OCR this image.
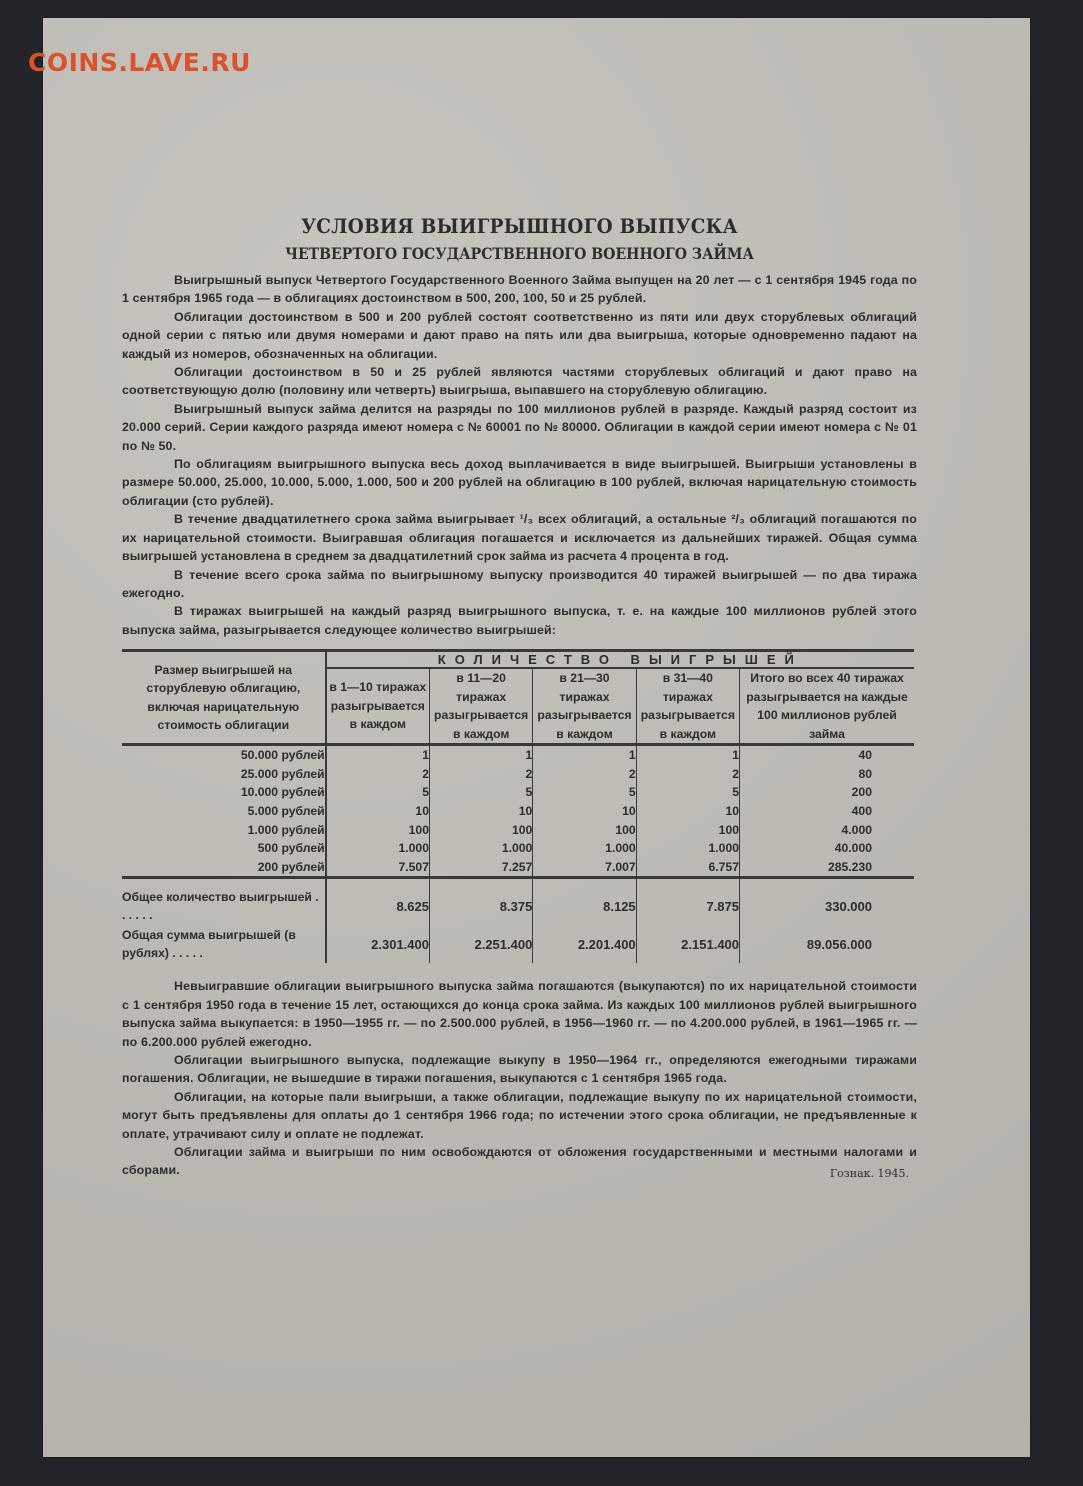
COINS.LAVE.RU
УСЛОВИЯ ВЫИГРЫШНОГО ВЫПУСКА
ЧЕТВЕРТОГО ГОСУДАРСТВЕННОГО ВОЕННОГО ЗАЙМА

Выигрышный выпуск Четвертого Государственного Военного Займа выпущен на 20 лет — с 1 сентября 1945 года по 1 сентября 1965 года — в облигациях достоинством в 500, 200, 100, 50 и 25 рублей.

Облигации достоинством в 500 и 200 рублей состоят соответственно из пяти или двух сторублевых облигаций одной серии с пятью или двумя номерами и дают право на пять или два выигрыша, которые одновременно падают на каждый из номеров, обозначенных на облигации.

Облигации достоинством в 50 и 25 рублей являются частями сторублевых облигаций и дают право на соответствующую долю (половину или четверть) выигрыша, выпавшего на сторублевую облигацию.

Выигрышный выпуск займа делится на разряды по 100 миллионов рублей в разряде. Каждый разряд состоит из 20.000 серий. Серии каждого разряда имеют номера с № 60001 по № 80000. Облигации в каждой серии имеют номера с № 01 по № 50.

По облигациям выигрышного выпуска весь доход выплачивается в виде выигрышей. Выигрыши установлены в размере 50.000, 25.000, 10.000, 5.000, 1.000, 500 и 200 рублей на облигацию в 100 рублей, включая нарицательную стоимость облигации (сто рублей).

В течение двадцатилетнего срока займа выигрывает ¹/₃ всех облигаций, а остальные ²/₃ облигаций погашаются по их нарицательной стоимости. Выигравшая облигация погашается и исключается из дальнейших тиражей. Общая сумма выигрышей установлена в среднем за двадцатилетний срок займа из расчета 4 процента в год.

В течение всего срока займа по выигрышному выпуску производится 40 тиражей выигрышей — по два тиража ежегодно.

В тиражах выигрышей на каждый разряд выигрышного выпуска, т. е. на каждые 100 миллионов рублей этого выпуска займа, разыгрывается следующее количество выигрышей:

Размер выигрышей на сторублевую облигацию, включая нарицательную стоимость облигации	КОЛИЧЕСТВО ВЫИГРЫШЕЙ				
	в 1—10 тиражах разыгрывается в каждом	в 11—20 тиражах разыгрывается в каждом	в 21—30 тиражах разыгрывается в каждом	в 31—40 тиражах разыгрывается в каждом	Итого во всех 40 тиражах разыгрывается на каждые 100 миллионов рублей займа
50.000 рублей	1	1	1	1	40
25.000 рублей	2	2	2	2	80
10.000 рублей	5	5	5	5	200
5.000 рублей	10	10	10	10	400
1.000 рублей	100	100	100	100	4.000
500 рублей	1.000	1.000	1.000	1.000	40.000
200 рублей	7.507	7.257	7.007	6.757	285.230
Общее количество выигрышей . . . . . .	8.625	8.375	8.125	7.875	330.000
Общая сумма выигрышей (в рублях) . . . . .	2.301.400	2.251.400	2.201.400	2.151.400	89.056.000

Невыигравшие облигации выигрышного выпуска займа погашаются (выкупаются) по их нарицательной стоимости с 1 сентября 1950 года в течение 15 лет, остающихся до конца срока займа. Из каждых 100 миллионов рублей выигрышного выпуска займа выкупается: в 1950—1955 гг. — по 2.500.000 рублей, в 1956—1960 гг. — по 4.200.000 рублей, в 1961—1965 гг. — по 6.200.000 рублей ежегодно.

Облигации выигрышного выпуска, подлежащие выкупу в 1950—1964 гг., определяются ежегодными тиражами погашения. Облигации, не вышедшие в тиражи погашения, выкупаются с 1 сентября 1965 года.

Облигации, на которые пали выигрыши, а также облигации, подлежащие выкупу по их нарицательной стоимости, могут быть предъявлены для оплаты до 1 сентября 1966 года; по истечении этого срока облигации, не предъявленные к оплате, утрачивают силу и оплате не подлежат.

Облигации займа и выигрыши по ним освобождаются от обложения государственными и местными налогами и сборами.	Гознак. 1945.
